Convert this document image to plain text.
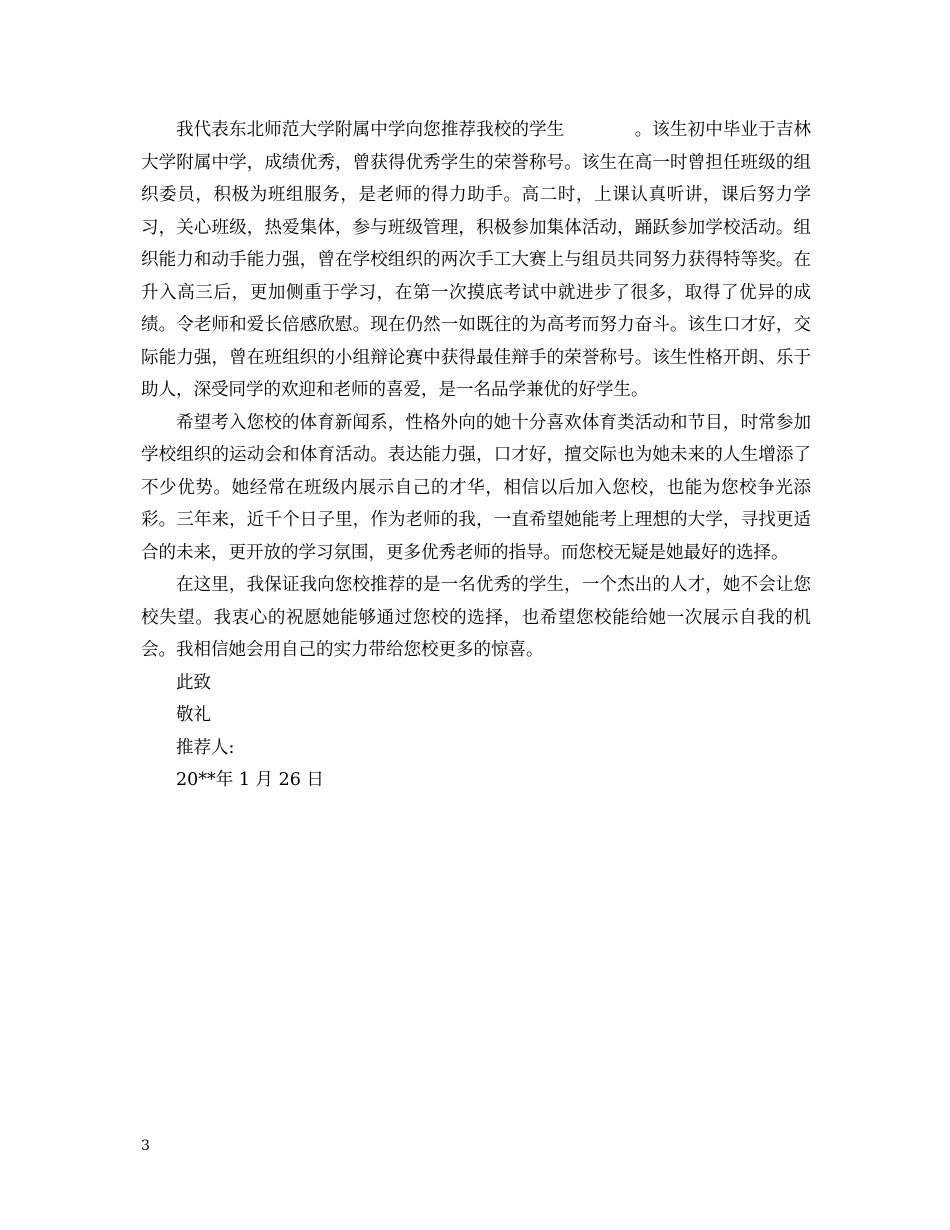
我代表东北师范大学附属中学向您推荐我校的学生	。该生初中毕业于吉林大学附属中学，成绩优秀，曾获得优秀学生的荣誉称号。该生在高一时曾担任班级的组织委员，积极为班组服务，是老师的得力助手。高二时，上课认真听讲，课后努力学习，关心班级，热爱集体，参与班级管理，积极参加集体活动，踊跃参加学校活动。组织能力和动手能力强，曾在学校组织的两次手工大赛上与组员共同努力获得特等奖。在升入高三后，更加侧重于学习，在第一次摸底考试中就进步了很多，取得了优异的成绩。令老师和爱长倍感欣慰。现在仍然一如既往的为高考而努力奋斗。该生口才好，交际能力强，曾在班组织的小组辩论赛中获得最佳辩手的荣誉称号。该生性格开朗、乐于助人，深受同学的欢迎和老师的喜爱，是一名品学兼优的好学生。

希望考入您校的体育新闻系，性格外向的她十分喜欢体育类活动和节目，时常参加学校组织的运动会和体育活动。表达能力强，口才好，擅交际也为她未来的人生增添了不少优势。她经常在班级内展示自己的才华，相信以后加入您校，也能为您校争光添彩。三年来，近千个日子里，作为老师的我，一直希望她能考上理想的大学，寻找更适合的未来，更开放的学习氛围，更多优秀老师的指导。而您校无疑是她最好的选择。

在这里，我保证我向您校推荐的是一名优秀的学生，一个杰出的人才，她不会让您校失望。我衷心的祝愿她能够通过您校的选择，也希望您校能给她一次展示自我的机会。我相信她会用自己的实力带给您校更多的惊喜。

此致

敬礼

推荐人:

20**年 1 月 26 日

3
